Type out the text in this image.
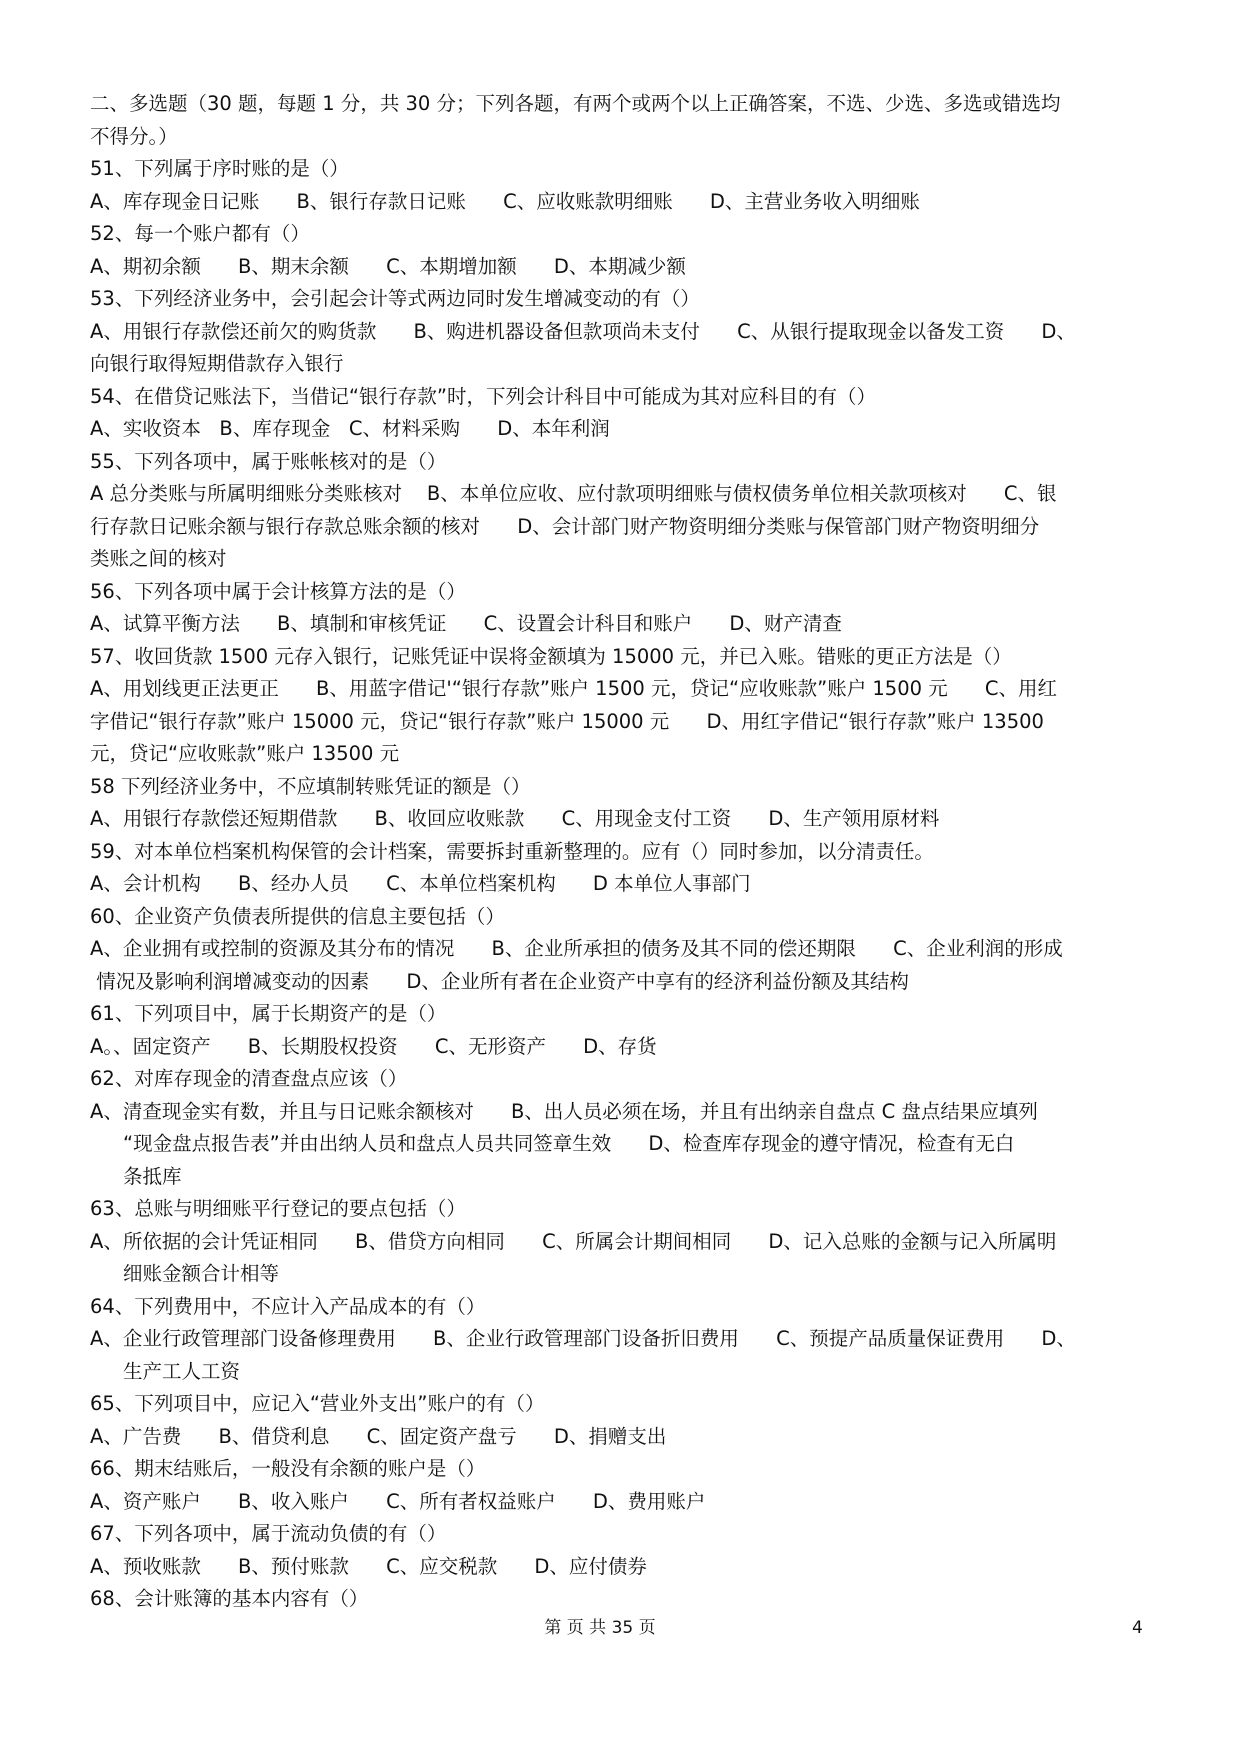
二、多选题（30 题，每题 1 分，共 30 分；下列各题，有两个或两个以上正确答案，不选、少选、多选或错选均
不得分。）
51、下列属于序时账的是（）
A、库存现金日记账      B、银行存款日记账      C、应收账款明细账      D、主营业务收入明细账
52、每一个账户都有（）
A、期初余额      B、期末余额      C、本期增加额      D、本期减少额
53、下列经济业务中，会引起会计等式两边同时发生增减变动的有（）
A、用银行存款偿还前欠的购货款      B、购进机器设备但款项尚未支付      C、从银行提取现金以备发工资      D、
向银行取得短期借款存入银行
54、在借贷记账法下，当借记“银行存款”时，下列会计科目中可能成为其对应科目的有（）
A、实收资本   B、库存现金   C、材料采购      D、本年利润
55、下列各项中，属于账帐核对的是（）
A 总分类账与所属明细账分类账核对    B、本单位应收、应付款项明细账与债权债务单位相关款项核对      C、银
行存款日记账余额与银行存款总账余额的核对      D、会计部门财产物资明细分类账与保管部门财产物资明细分
类账之间的核对
56、下列各项中属于会计核算方法的是（）
A、试算平衡方法      B、填制和审核凭证      C、设置会计科目和账户      D、财产清查
57、收回货款 1500 元存入银行，记账凭证中误将金额填为 15000 元，并已入账。错账的更正方法是（）
A、用划线更正法更正      B、用蓝字借记'“银行存款”账户 1500 元，贷记“应收账款”账户 1500 元      C、用红
字借记“银行存款”账户 15000 元，贷记“银行存款”账户 15000 元      D、用红字借记“银行存款”账户 13500
元，贷记“应收账款”账户 13500 元
58 下列经济业务中，不应填制转账凭证的额是（）
A、用银行存款偿还短期借款      B、收回应收账款      C、用现金支付工资      D、生产领用原材料
59、对本单位档案机构保管的会计档案，需要拆封重新整理的。应有（）同时参加，以分清责任。
A、会计机构      B、经办人员      C、本单位档案机构      D 本单位人事部门
60、企业资产负债表所提供的信息主要包括（）
A、企业拥有或控制的资源及其分布的情况      B、企业所承担的债务及其不同的偿还期限      C、企业利润的形成
情况及影响利润增减变动的因素      D、企业所有者在企业资产中享有的经济利益份额及其结构
61、下列项目中，属于长期资产的是（）
A。、固定资产      B、长期股权投资      C、无形资产      D、存货
62、对库存现金的清查盘点应该（）
A、清查现金实有数，并且与日记账余额核对      B、出人员必须在场，并且有出纳亲自盘点 C 盘点结果应填列
“现金盘点报告表”并由出纳人员和盘点人员共同签章生效      D、检查库存现金的遵守情况，检查有无白
条抵库
63、总账与明细账平行登记的要点包括（）
A、所依据的会计凭证相同      B、借贷方向相同      C、所属会计期间相同      D、记入总账的金额与记入所属明
细账金额合计相等
64、下列费用中，不应计入产品成本的有（）
A、企业行政管理部门设备修理费用      B、企业行政管理部门设备折旧费用      C、预提产品质量保证费用      D、
生产工人工资
65、下列项目中，应记入“营业外支出”账户的有（）
A、广告费      B、借贷利息      C、固定资产盘亏      D、捐赠支出
66、期末结账后，一般没有余额的账户是（）
A、资产账户      B、收入账户      C、所有者权益账户      D、费用账户
67、下列各项中，属于流动负债的有（）
A、预收账款      B、预付账款      C、应交税款      D、应付债券
68、会计账簿的基本内容有（）
第 页 共 35 页	4
